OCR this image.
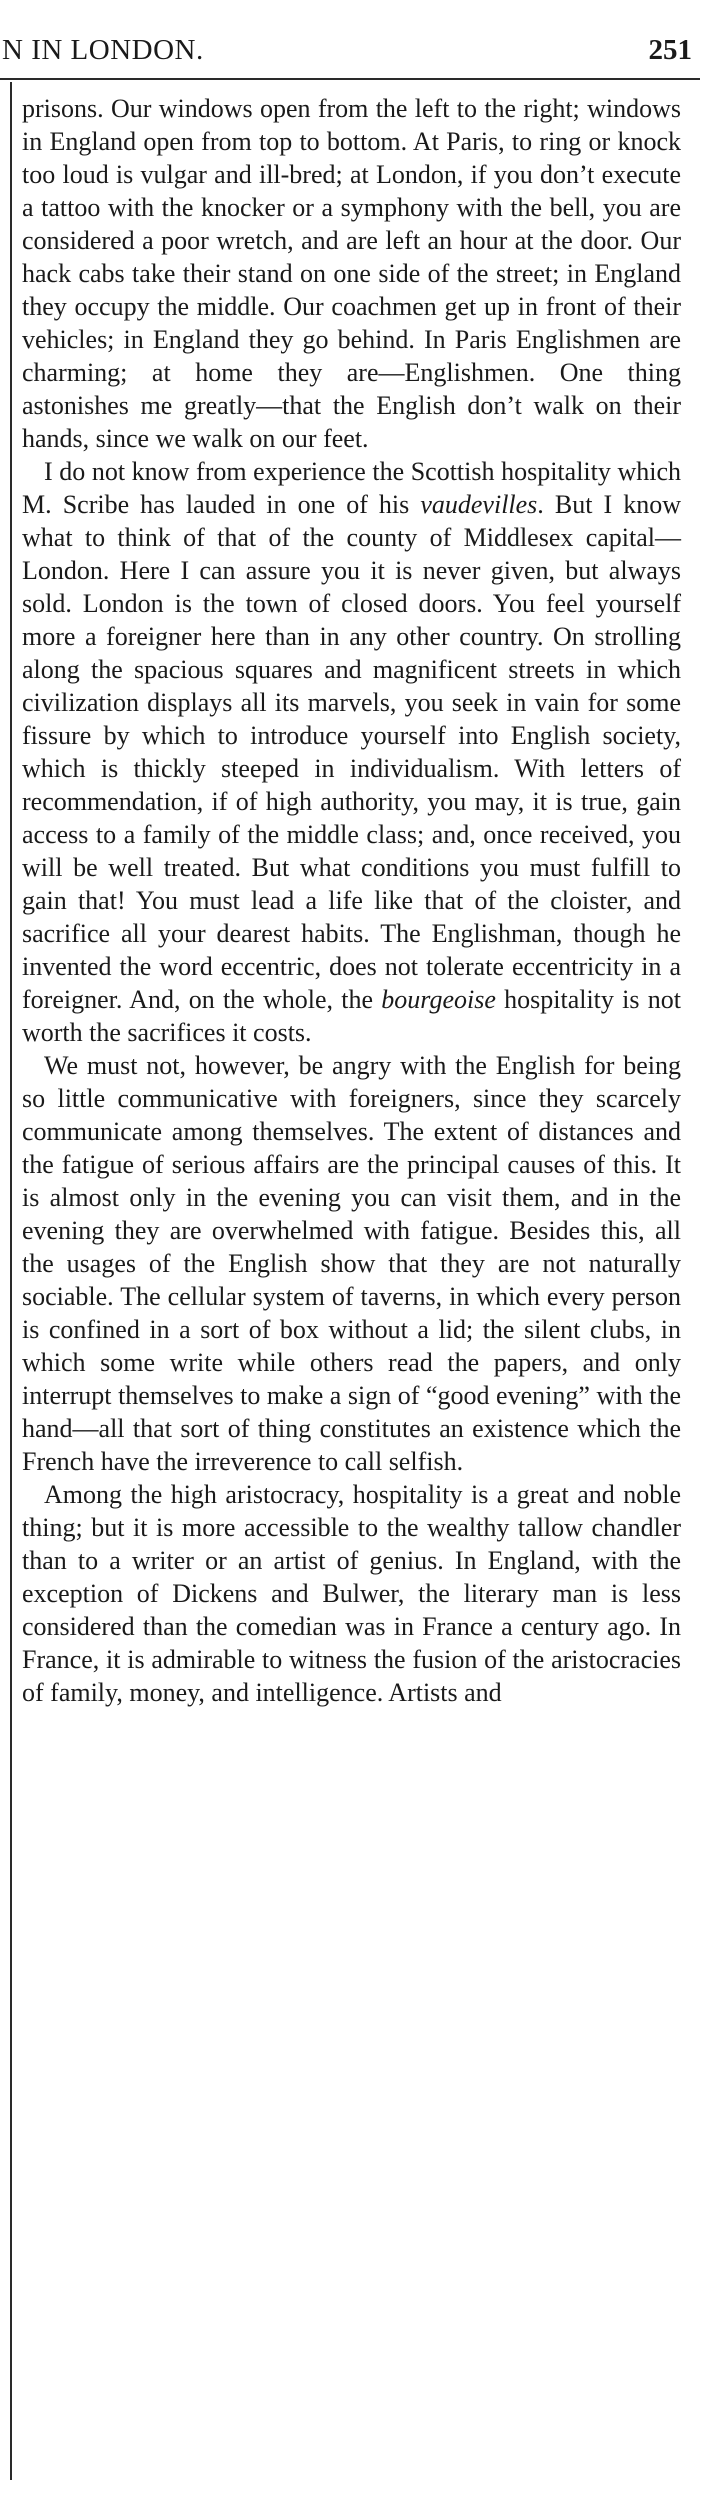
N IN LONDON.	251

prisons. Our windows open from the left to the right; windows in England open from top to bottom. At Paris, to ring or knock too loud is vulgar and ill-bred; at London, if you don’t execute a tattoo with the knocker or a symphony with the bell, you are considered a poor wretch, and are left an hour at the door. Our hack cabs take their stand on one side of the street; in England they occupy the middle. Our coachmen get up in front of their vehicles; in England they go behind. In Paris Englishmen are charming; at home they are—Englishmen. One thing astonishes me greatly—that the English don’t walk on their hands, since we walk on our feet.

I do not know from experience the Scottish hospitality which M. Scribe has lauded in one of his vaudevilles. But I know what to think of that of the county of Middlesex capital—London. Here I can assure you it is never given, but always sold. London is the town of closed doors. You feel yourself more a foreigner here than in any other country. On strolling along the spacious squares and magnificent streets in which civilization displays all its marvels, you seek in vain for some fissure by which to introduce yourself into English society, which is thickly steeped in individualism. With letters of recommendation, if of high authority, you may, it is true, gain access to a family of the middle class; and, once received, you will be well treated. But what conditions you must fulfill to gain that! You must lead a life like that of the cloister, and sacrifice all your dearest habits. The Englishman, though he invented the word eccentric, does not tolerate eccentricity in a foreigner. And, on the whole, the bourgeoise hospitality is not worth the sacrifices it costs.

We must not, however, be angry with the English for being so little communicative with foreigners, since they scarcely communicate among themselves. The extent of distances and the fatigue of serious affairs are the principal causes of this. It is almost only in the evening you can visit them, and in the evening they are overwhelmed with fatigue. Besides this, all the usages of the English show that they are not naturally sociable. The cellular system of taverns, in which every person is confined in a sort of box without a lid; the silent clubs, in which some write while others read the papers, and only interrupt themselves to make a sign of “good evening” with the hand—all that sort of thing constitutes an existence which the French have the irreverence to call selfish.

Among the high aristocracy, hospitality is a great and noble thing; but it is more accessible to the wealthy tallow chandler than to a writer or an artist of genius. In England, with the exception of Dickens and Bulwer, the literary man is less considered than the comedian was in France a century ago. In France, it is admirable to witness the fusion of the aristocracies of family, money, and intelligence. Artists and
